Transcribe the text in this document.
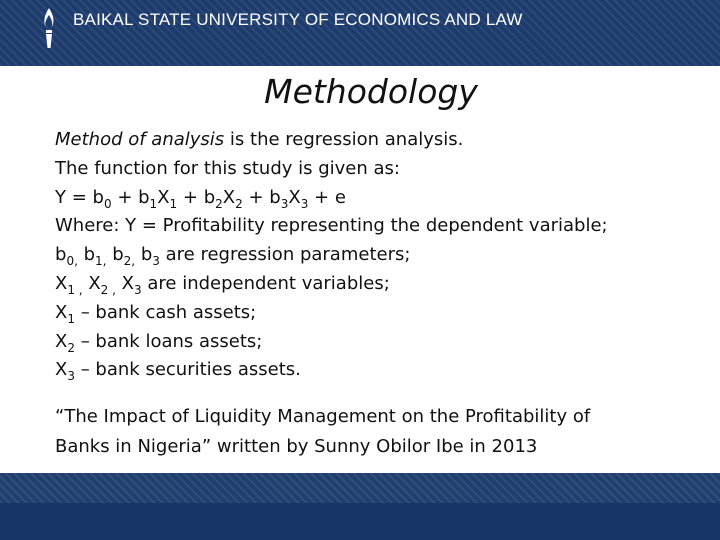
BAIKAL STATE UNIVERSITY OF ECONOMICS AND LAW
Methodology
Method of analysis is the regression analysis.
The function for this study is given as:
$Y = b_0 + b_1X_1 + b_2X_2 + b_3X_3 + e$
Where: Y = Profitability representing the dependent variable;
$b_{0,}$ $b_{1,}$ $b_{2,}$ $b_3$ are regression parameters;
$X_{1 ,}$ $X_{2 ,}$ $X_3$ are independent variables;
$X_1$ – bank cash assets;
$X_2$ – bank loans assets;
$X_3$ – bank securities assets.
“The Impact of Liquidity Management on the Profitability of
Banks in Nigeria” written by Sunny Obilor Ibe in 2013
